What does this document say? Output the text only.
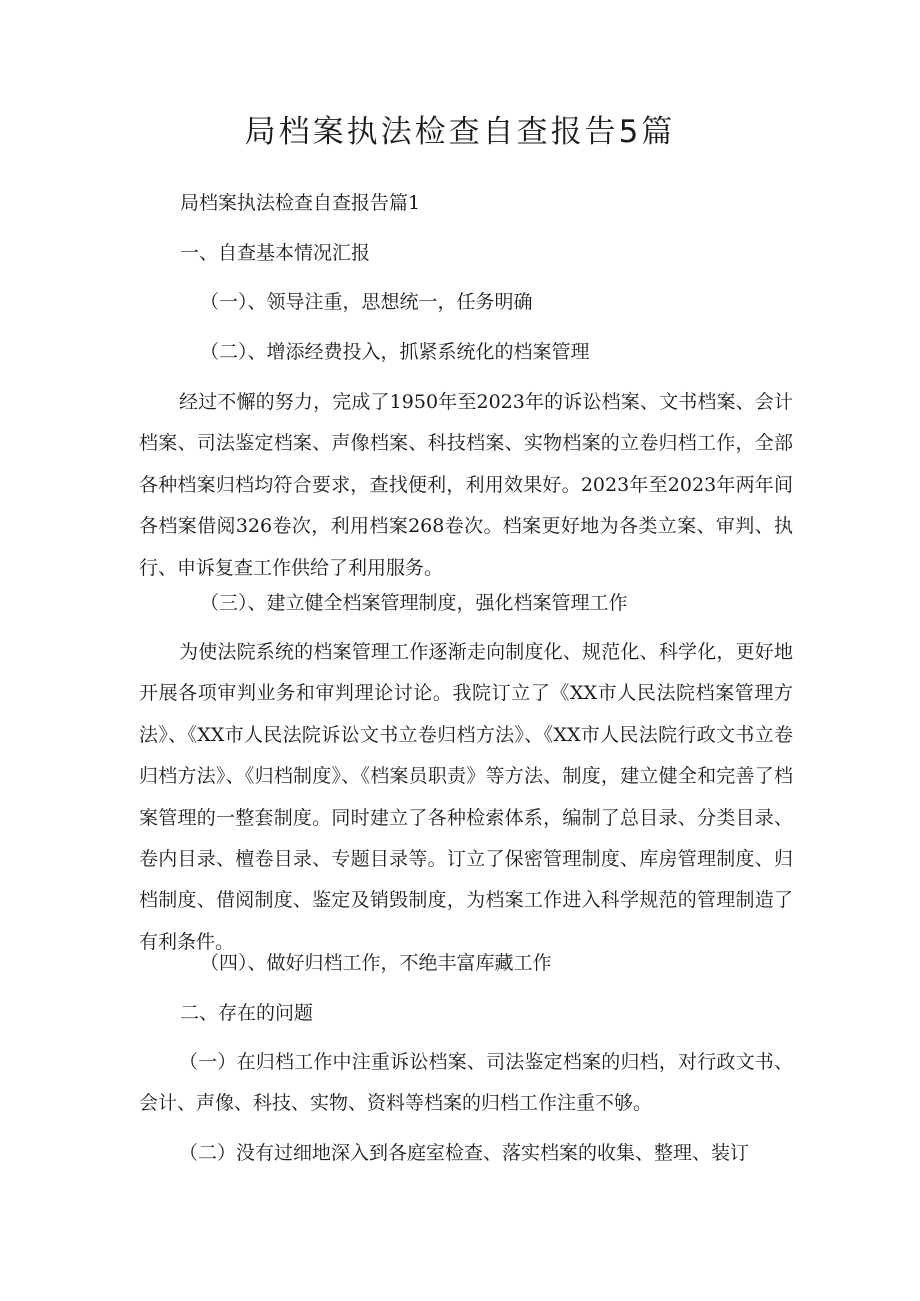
局档案执法检查自查报告5篇

局档案执法检查自查报告篇1

一、自查基本情况汇报

（一）、领导注重，思想统一，任务明确

（二）、增添经费投入，抓紧系统化的档案管理

经过不懈的努力，完成了1950年至2023年的诉讼档案、文书档案、会计档案、司法鉴定档案、声像档案、科技档案、实物档案的立卷归档工作，全部各种档案归档均符合要求，查找便利，利用效果好。2023年至2023年两年间各档案借阅326卷次，利用档案268卷次。档案更好地为各类立案、审判、执行、申诉复查工作供给了利用服务。

（三）、建立健全档案管理制度，强化档案管理工作

为使法院系统的档案管理工作逐渐走向制度化、规范化、科学化，更好地开展各项审判业务和审判理论讨论。我院订立了《XX市人民法院档案管理方法》、《XX市人民法院诉讼文书立卷归档方法》、《XX市人民法院行政文书立卷归档方法》、《归档制度》、《档案员职责》等方法、制度，建立健全和完善了档案管理的一整套制度。同时建立了各种检索体系，编制了总目录、分类目录、卷内目录、檀卷目录、专题目录等。订立了保密管理制度、库房管理制度、归档制度、借阅制度、鉴定及销毁制度，为档案工作进入科学规范的管理制造了有利条件。

（四）、做好归档工作，不绝丰富库藏工作

二、存在的问题

（一）在归档工作中注重诉讼档案、司法鉴定档案的归档，对行政文书、会计、声像、科技、实物、资料等档案的归档工作注重不够。

（二）没有过细地深入到各庭室检查、落实档案的收集、整理、装订
